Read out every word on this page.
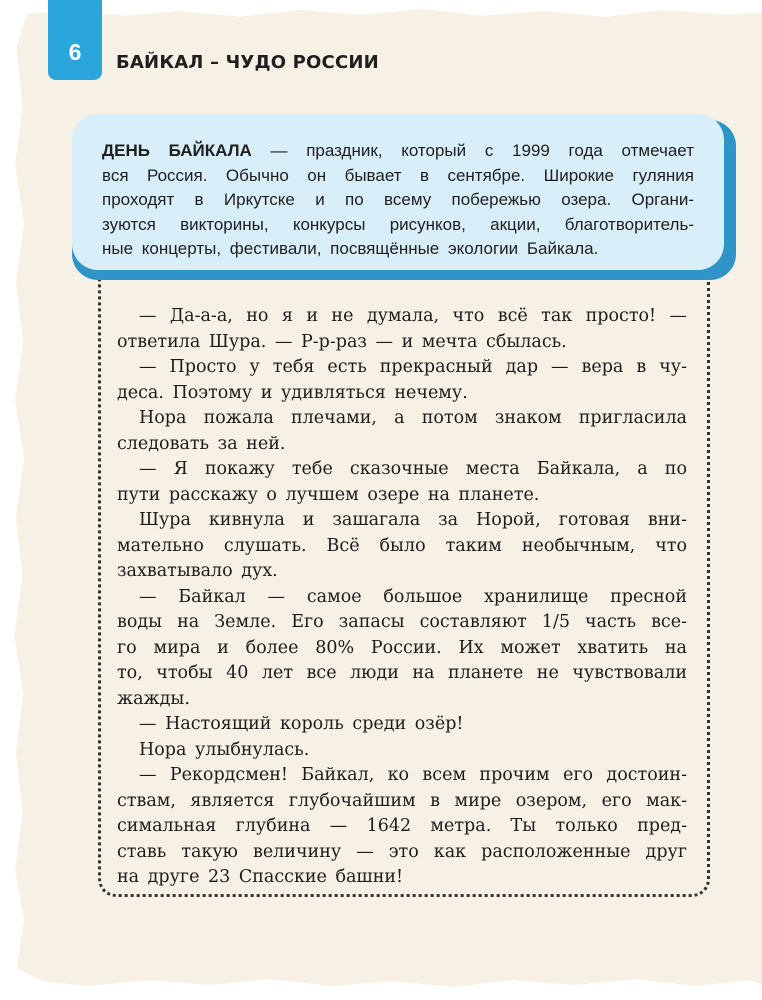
6 БАЙКАЛ – ЧУДО РОССИИ

ДЕНЬ БАЙКАЛА — праздник, который с 1999 года отмечает
вся Россия. Обычно он бывает в сентябре. Широкие гуляния
проходят в Иркутске и по всему побережью озера. Органи-
зуются викторины, конкурсы рисунков, акции, благотворитель-
ные концерты, фестивали, посвящённые экологии Байкала.

— Да-а-а, но я и не думала, что всё так просто! —
ответила Шура. — Р-р-раз — и мечта сбылась.
— Просто у тебя есть прекрасный дар — вера в чу-
деса. Поэтому и удивляться нечему.
Нора пожала плечами, а потом знаком пригласила
следовать за ней.
— Я покажу тебе сказочные места Байкала, а по
пути расскажу о лучшем озере на планете.
Шура кивнула и зашагала за Норой, готовая вни-
мательно слушать. Всё было таким необычным, что
захватывало дух.
— Байкал — самое большое хранилище пресной
воды на Земле. Его запасы составляют 1/5 часть все-
го мира и более 80% России. Их может хватить на
то, чтобы 40 лет все люди на планете не чувствовали
жажды.
— Настоящий король среди озёр!
Нора улыбнулась.
— Рекордсмен! Байкал, ко всем прочим его достоин-
ствам, является глубочайшим в мире озером, его мак-
симальная глубина — 1642 метра. Ты только пред-
ставь такую величину — это как расположенные друг
на друге 23 Спасские башни!
